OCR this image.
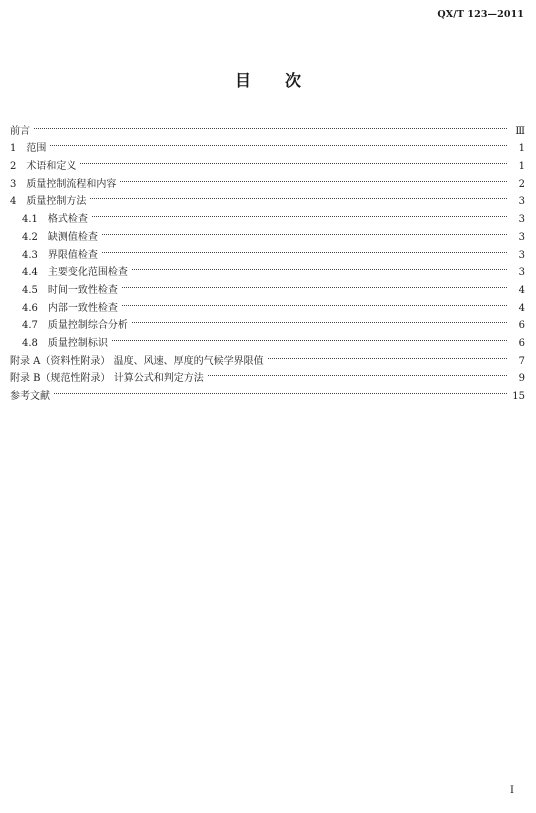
QX/T 123—2011
目次
前言	Ⅲ
1 范围	1
2 术语和定义	1
3 质量控制流程和内容	2
4 质量控制方法	3
4.1 格式检查	3
4.2 缺测值检查	3
4.3 界限值检查	3
4.4 主要变化范围检查	3
4.5 时间一致性检查	4
4.6 内部一致性检查	4
4.7 质量控制综合分析	6
4.8 质量控制标识	6
附录 A（资料性附录） 温度、风速、厚度的气候学界限值	7
附录 B（规范性附录） 计算公式和判定方法	9
参考文献	15
Ⅰ
